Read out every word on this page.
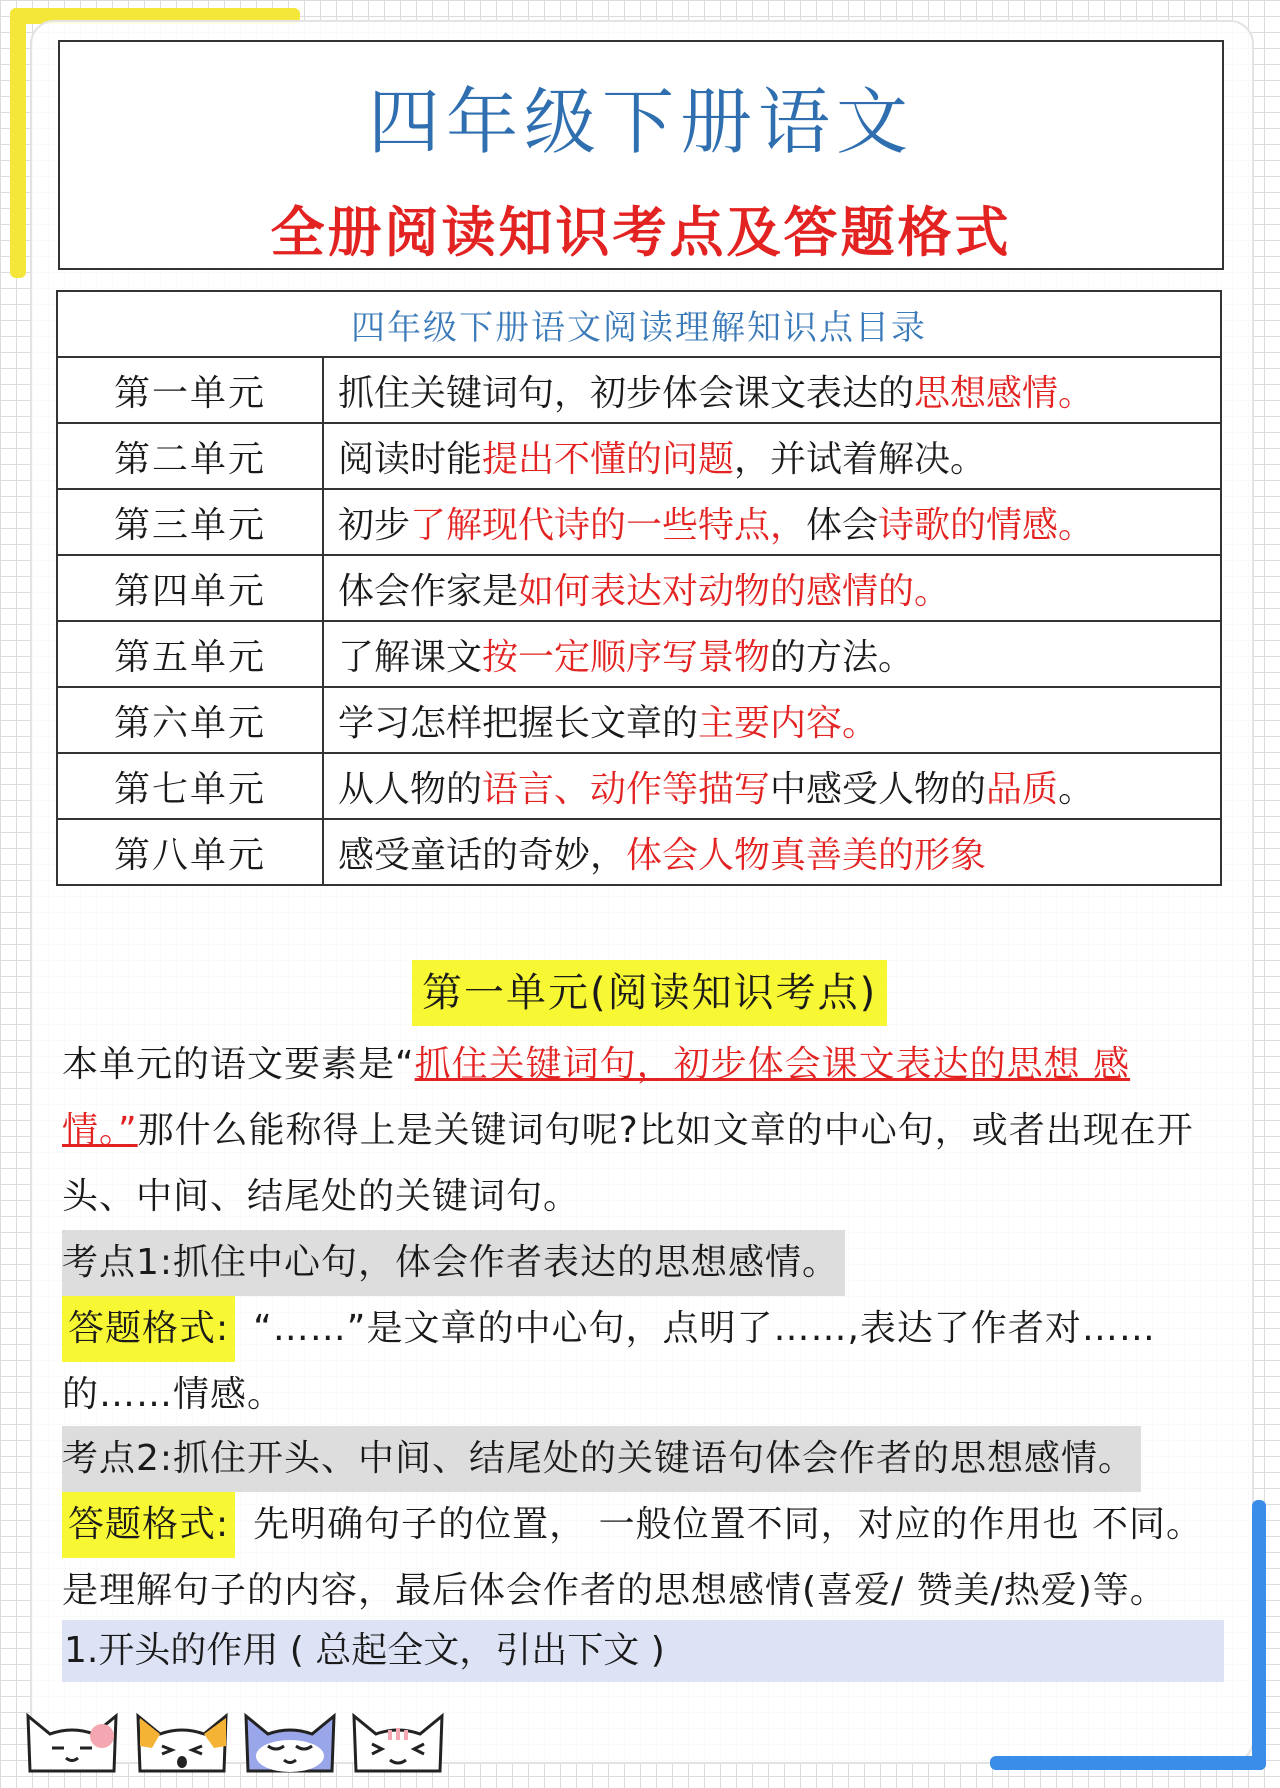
四年级下册语文
全册阅读知识考点及答题格式
四年级下册语文阅读理解知识点目录	
第一单元	抓住关键词句，初步体会课文表达的思想感情。
第二单元	阅读时能提出不懂的问题，并试着解决。
第三单元	初步了解现代诗的一些特点，体会诗歌的情感。
第四单元	体会作家是如何表达对动物的感情的。
第五单元	了解课文按一定顺序写景物的方法。
第六单元	学习怎样把握长文章的主要内容。
第七单元	从人物的语言、动作等描写中感受人物的品质。
第八单元	感受童话的奇妙，体会人物真善美的形象
第一单元(阅读知识考点)
本单元的语文要素是“抓住关键词句，初步体会课文表达的思想 感情。”那什么能称得上是关键词句呢?比如文章的中心句，或者出现在开头、中间、结尾处的关键词句。
考点1:抓住中心句，体会作者表达的思想感情。
答题格式: “……”是文章的中心句，点明了……,表达了作者对……的……情感。
考点2:抓住开头、中间、结尾处的关键语句体会作者的思想感情。
答题格式: 先明确句子的位置， 一般位置不同，对应的作用也 不同。是理解句子的内容，最后体会作者的思想感情(喜爱/ 赞美/热爱)等。
1.开头的作用 ( 总起全文，引出下文 )
